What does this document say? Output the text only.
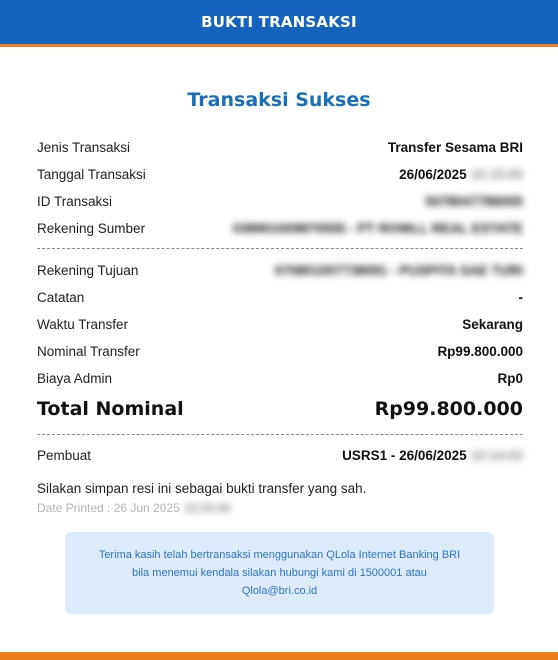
BUKTI TRANSAKSI
Transaksi Sukses
Jenis Transaksi	Transfer Sesama BRI
Tanggal Transaksi	26/06/2025 10:15:00
ID Transaksi	5078047786005
Rekening Sumber	038901009870555 - PT ROWLL REAL ESTATE
Rekening Tujuan	070801007738091 - PUSPITA SAE TURI
Catatan	-
Waktu Transfer	Sekarang
Nominal Transfer	Rp99.800.000
Biaya Admin	Rp0
Total Nominal	Rp99.800.000
Pembuat	USRS1 - 26/06/2025 10:14:02
Silakan simpan resi ini sebagai bukti transfer yang sah.
Date Printed : 26 Jun 2025 10:20:44
Terima kasih telah bertransaksi menggunakan QLola Internet Banking BRI
bila menemui kendala silakan hubungi kami di 1500001 atau
Qlola@bri.co.id
